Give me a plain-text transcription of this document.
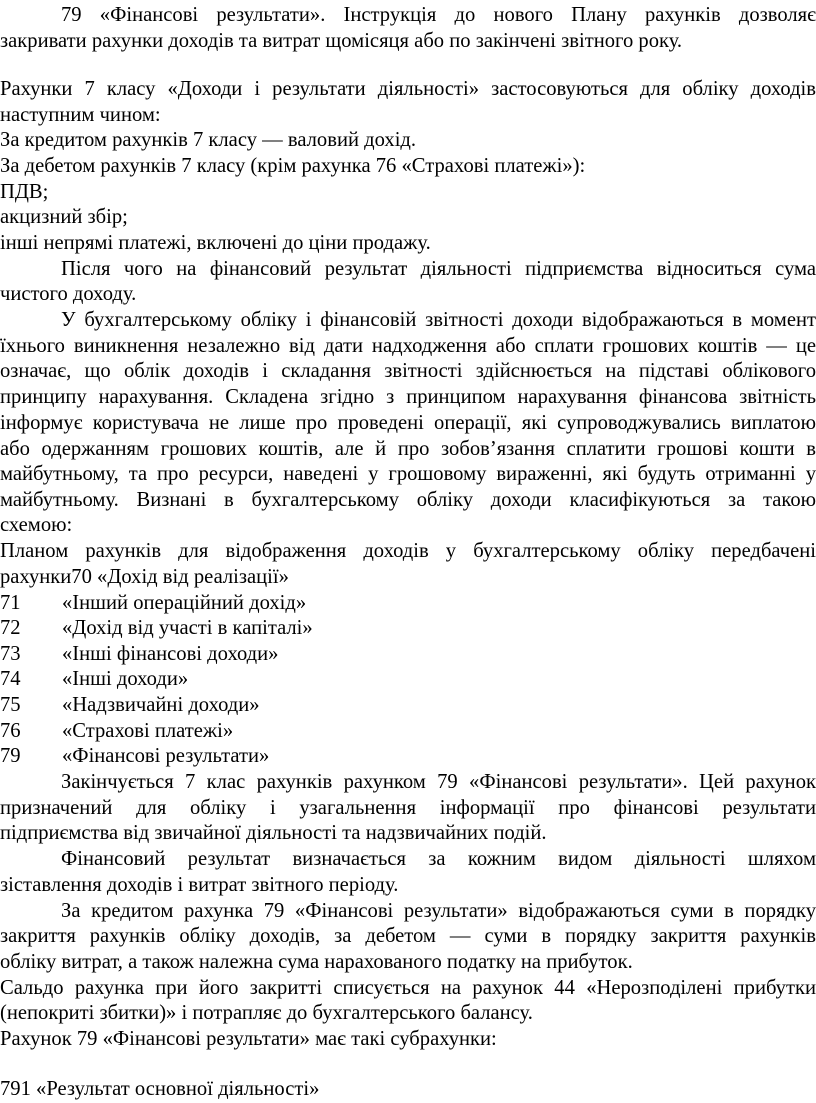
79 «Фінансові результати». Інструкція до нового Плану рахунків дозволяє
закривати рахунки доходів та витрат щомісяця або по закінчені звітного року.
Рахунки 7 класу «Доходи і результати діяльності» застосовуються для обліку доходів
наступним чином:
За кредитом рахунків 7 класу — валовий дохід.
За дебетом рахунків 7 класу (крім рахунка 76 «Страхові платежі»):
ПДВ;
акцизний збір;
інші непрямі платежі, включені до ціни продажу.
Після чого на фінансовий результат діяльності підприємства відноситься сума
чистого доходу.
У бухгалтерському обліку і фінансовій звітності доходи відображаються в момент
їхнього виникнення незалежно від дати надходження або сплати грошових коштів — це
означає, що облік доходів і складання звітності здійснюється на підставі облікового
принципу нарахування. Складена згідно з принципом нарахування фінансова звітність
інформує користувача не лише про проведені операції, які супроводжувались виплатою
або одержанням грошових коштів, але й про зобов’язання сплатити грошові кошти в
майбутньому, та про ресурси, наведені у грошовому вираженні, які будуть отриманні у
майбутньому. Визнані в бухгалтерському обліку доходи класифікуються за такою
схемою:
Планом рахунків для відображення доходів у бухгалтерському обліку передбачені
рахунки70 «Дохід від реалізації»
71 «Інший операційний дохід»
72 «Дохід від участі в капіталі»
73 «Інші фінансові доходи»
74 «Інші доходи»
75 «Надзвичайні доходи»
76 «Страхові платежі»
79 «Фінансові результати»
Закінчується 7 клас рахунків рахунком 79 «Фінансові результати». Цей рахунок
призначений для обліку і узагальнення інформації про фінансові результати
підприємства від звичайної діяльності та надзвичайних подій.
Фінансовий результат визначається за кожним видом діяльності шляхом
зіставлення доходів і витрат звітного періоду.
За кредитом рахунка 79 «Фінансові результати» відображаються суми в порядку
закриття рахунків обліку доходів, за дебетом — суми в порядку закриття рахунків
обліку витрат, а також належна сума нарахованого податку на прибуток.
Сальдо рахунка при його закритті списується на рахунок 44 «Нерозподілені прибутки
(непокриті збитки)» і потрапляє до бухгалтерського балансу.
Рахунок 79 «Фінансові результати» має такі субрахунки:
791 «Результат основної діяльності»
